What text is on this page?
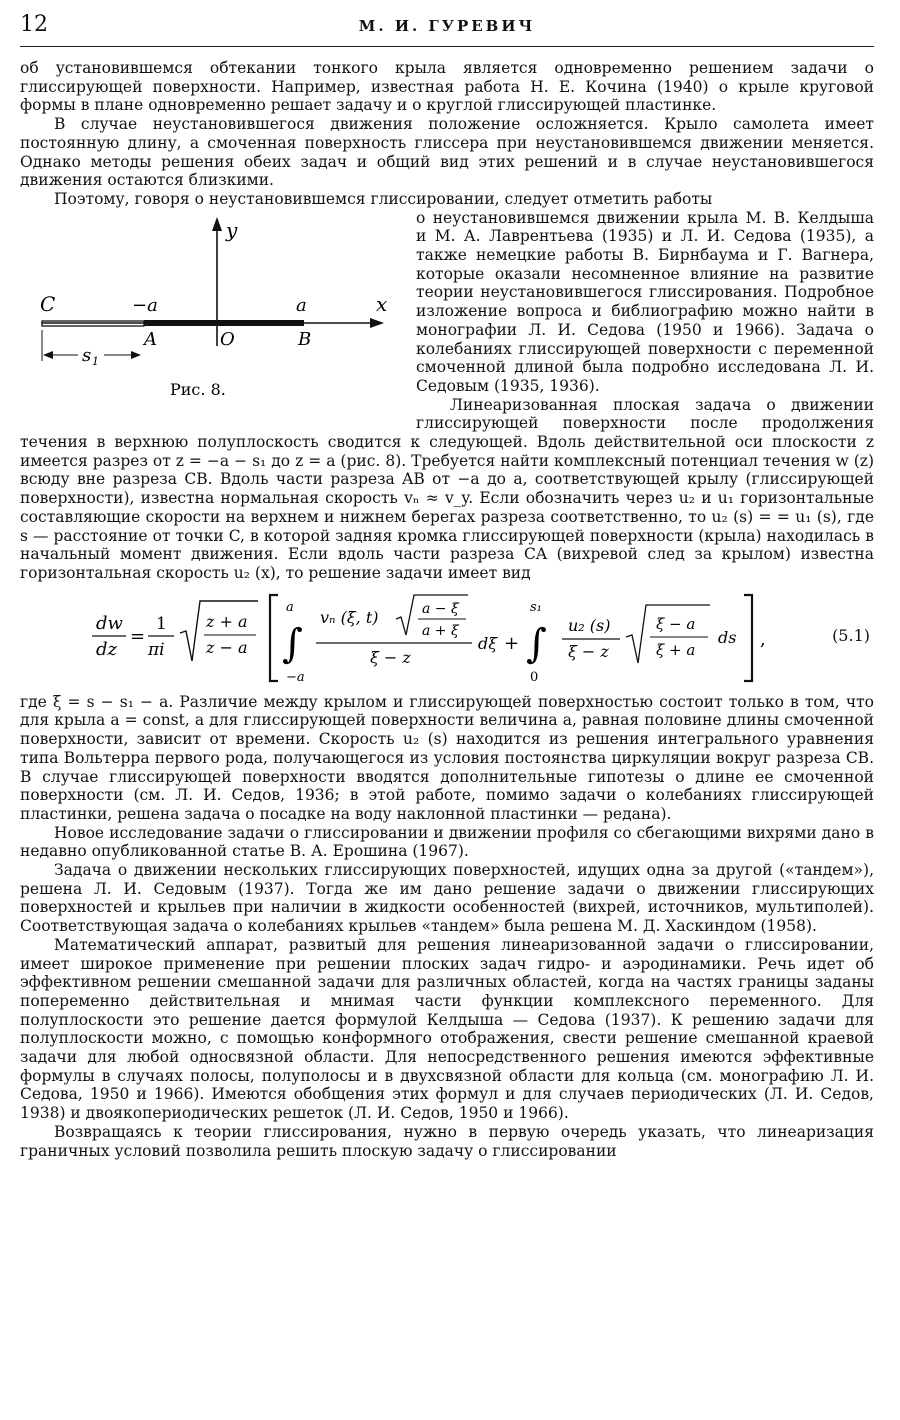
12	М. И. ГУРЕВИЧ

об установившемся обтекании тонкого крыла является одновременно решением задачи о глиссирующей поверхности. Например, известная работа Н. Е. Кочина (1940) о крыле круговой формы в плане одновременно решает задачу и о круглой глиссирующей пластинке.

В случае неустановившегося движения положение осложняется. Крыло самолета имеет постоянную длину, а смоченная поверхность глиссера при неустановившемся движении меняется. Однако методы решения обеих задач и общий вид этих решений и в случае неустановившегося движения остаются близкими.

Поэтому, говоря о неустановившемся глиссировании, следует отметить работы

y
x
C	−a	a
A	O	B
s 1
Рис. 8.

о неустановившемся движении крыла М. В. Келдыша и М. А. Лаврентьева (1935) и Л. И. Седова (1935), а также немецкие работы В. Бирнбаума и Г. Вагнера, которые оказали несомненное влияние на развитие теории неустановившегося глиссирования. Подробное изложение вопроса и библиографию можно найти в монографии Л. И. Седова (1950 и 1966). Задача о колебаниях глиссирующей поверхности с переменной смоченной длиной была подробно исследована Л. И. Седовым (1935, 1936).

Линеаризованная плоская задача о движении глиссирующей поверхности после продолжения течения в верхнюю полуплоскость сводится к следующей. Вдоль действительной оси плоскости z имеется разрез от z = −a − s₁ до z = a (рис. 8). Требуется найти комплексный потенциал течения w (z) всюду вне разреза CB. Вдоль части разреза AB от −a до a, соответствующей крылу (глиссирующей поверхности), известна нормальная скорость vₙ ≈ v_y. Если обозначить через u₂ и u₁ горизонтальные составляющие скорости на верхнем и нижнем берегах разреза соответственно, то u₂ (s) = = u₁ (s), где s — расстояние от точки C, в которой задняя кромка глиссирующей поверхности (крыла) находилась в начальный момент движения. Если вдоль части разреза CA (вихревой след за крылом) известна горизонтальная скорость u₂ (x), то решение задачи имеет вид

dw
dz
=
1
πi
z + a
z − a
a
∫
−a
vₙ (ξ, t)	a − ξ
a + ξ
ξ − z
dξ +
s₁
∫
0
u₂ (s)
ξ − z
ξ − a
ξ + a
ds ,	(5.1)

где ξ = s − s₁ − a. Различие между крылом и глиссирующей поверхностью состоит только в том, что для крыла a = const, а для глиссирующей поверхности величина a, равная половине длины смоченной поверхности, зависит от времени. Скорость u₂ (s) находится из решения интегрального уравнения типа Вольтерра первого рода, получающегося из условия постоянства циркуляции вокруг разреза CB. В случае глиссирующей поверхности вводятся дополнительные гипотезы о длине ее смоченной поверхности (см. Л. И. Седов, 1936; в этой работе, помимо задачи о колебаниях глиссирующей пластинки, решена задача о посадке на воду наклонной пластинки — редана).

Новое исследование задачи о глиссировании и движении профиля со сбегающими вихрями дано в недавно опубликованной статье В. А. Ерошина (1967).

Задача о движении нескольких глиссирующих поверхностей, идущих одна за другой («тандем»), решена Л. И. Седовым (1937). Тогда же им дано решение задачи о движении глиссирующих поверхностей и крыльев при наличии в жидкости особенностей (вихрей, источников, мультиполей). Соответствующая задача о колебаниях крыльев «тандем» была решена М. Д. Хаскиндом (1958).

Математический аппарат, развитый для решения линеаризованной задачи о глиссировании, имеет широкое применение при решении плоских задач гидро- и аэродинамики. Речь идет об эффективном решении смешанной задачи для различных областей, когда на частях границы заданы попеременно действительная и мнимая части функции комплексного переменного. Для полуплоскости это решение дается формулой Келдыша — Седова (1937). К решению задачи для полуплоскости можно, с помощью конформного отображения, свести решение смешанной краевой задачи для любой односвязной области. Для непосредственного решения имеются эффективные формулы в случаях полосы, полуполосы и в двухсвязной области для кольца (см. монографию Л. И. Седова, 1950 и 1966). Имеются обобщения этих формул и для случаев периодических (Л. И. Седов, 1938) и двоякопериодических решеток (Л. И. Седов, 1950 и 1966).

Возвращаясь к теории глиссирования, нужно в первую очередь указать, что линеаризация граничных условий позволила решить плоскую задачу о глиссировании
